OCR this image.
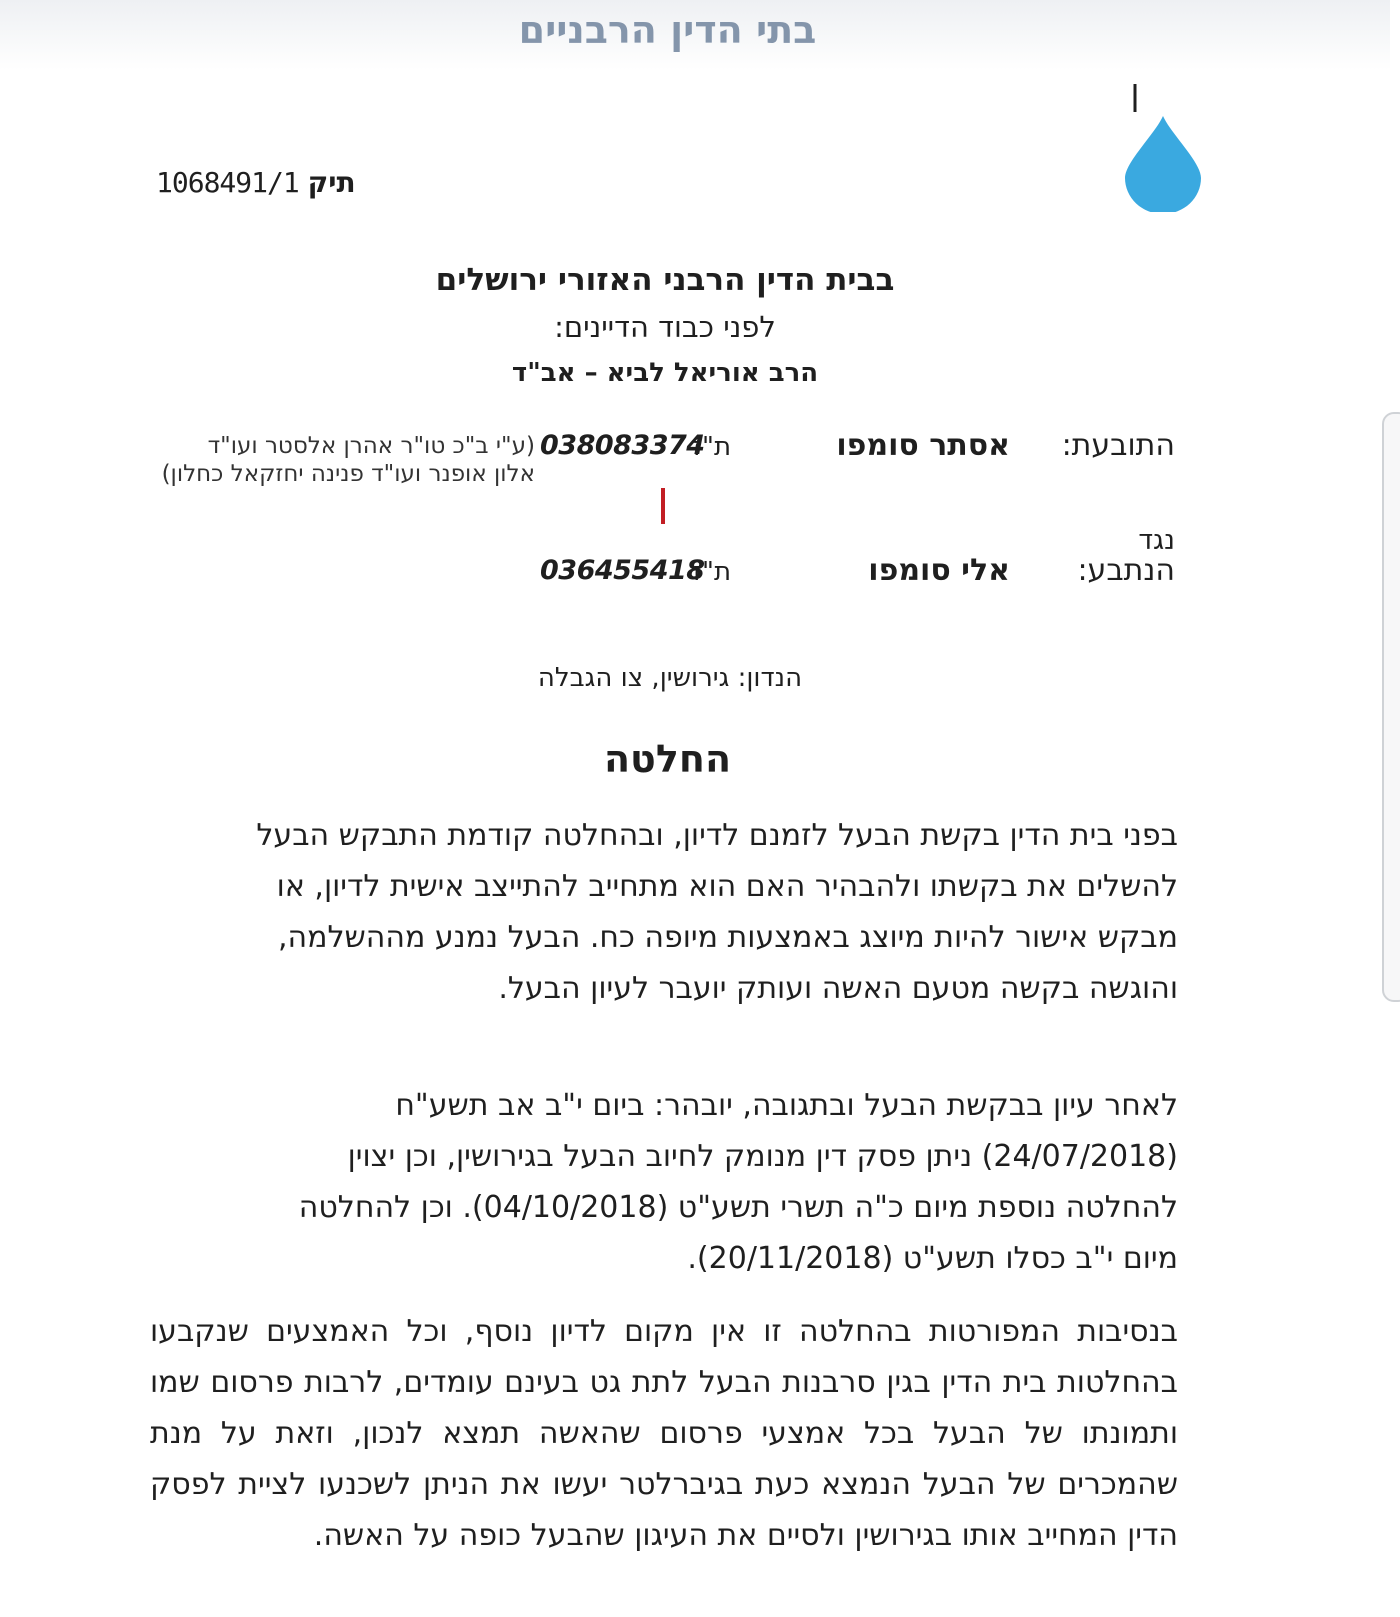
בתי הדין הרבניים
תיק 1068491/1
בבית הדין הרבני האזורי ירושלים
לפני כבוד הדיינים:
הרב אוריאל לביא – אב"ד
התובעת:
אסתר סומפו
ת"ז
038083374
(ע"י ב"כ טו"ר אהרן אלסטר ועו"ד אלון אופנר ועו"ד פנינה יחזקאל כחלון)
נגד
הנתבע:
אלי סומפו
ת"ז
036455418
הנדון: גירושין, צו הגבלה
החלטה
בפני בית הדין בקשת הבעל לזמנם לדיון, ובהחלטה קודמת התבקש הבעל להשלים את בקשתו ולהבהיר האם הוא מתחייב להתייצב אישית לדיון, או מבקש אישור להיות מיוצג באמצעות מיופה כח. הבעל נמנע מההשלמה, והוגשה בקשה מטעם האשה ועותק יועבר לעיון הבעל.
לאחר עיון בבקשת הבעל ובתגובה, יובהר: ביום י"ב אב תשע"ח (24/07/2018) ניתן פסק דין מנומק לחיוב הבעל בגירושין, וכן יצוין להחלטה נוספת מיום כ"ה תשרי תשע"ט (04/10/2018). וכן להחלטה מיום י"ב כסלו תשע"ט (20/11/2018).
בנסיבות המפורטות בהחלטה זו אין מקום לדיון נוסף, וכל האמצעים שנקבעו בהחלטות בית הדין בגין סרבנות הבעל לתת גט בעינם עומדים, לרבות פרסום שמו ותמונתו של הבעל בכל אמצעי פרסום שהאשה תמצא לנכון, וזאת על מנת שהמכרים של הבעל הנמצא כעת בגיברלטר יעשו את הניתן לשכנעו לציית לפסק הדין המחייב אותו בגירושין ולסיים את העיגון שהבעל כופה על האשה.
